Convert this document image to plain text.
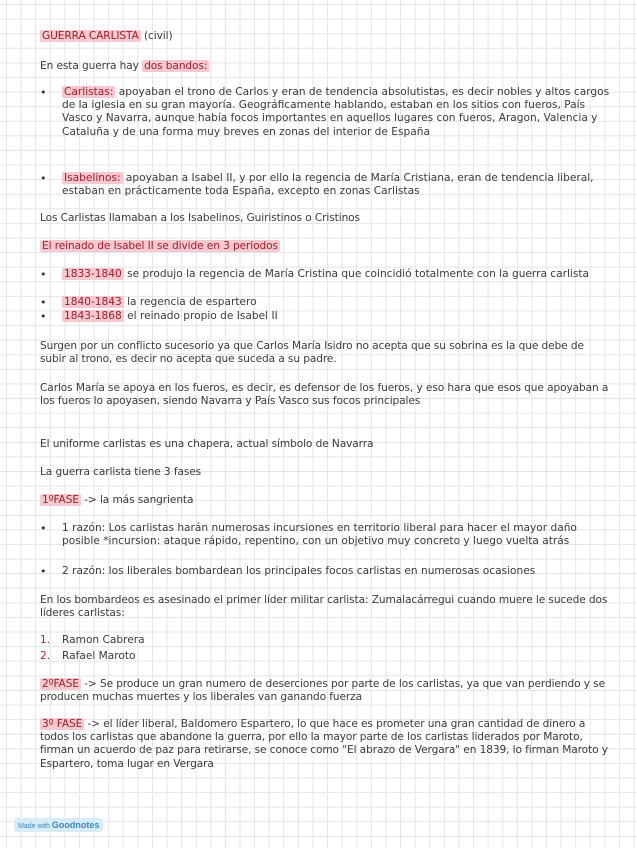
GUERRA CARLISTA (civil)
En esta guerra hay dos bandos:
• Carlistas: apoyaban el trono de Carlos y eran de tendencia absolutistas, es decir nobles y altos cargos de la iglesia en su gran mayoría. Geográficamente hablando, estaban en los sitios con fueros, País Vasco y Navarra, aunque había focos importantes en aquellos lugares con fueros, Aragon, Valencia y Cataluña y de una forma muy breves en zonas del interior de España
• Isabelinos: apoyaban a Isabel II, y por ello la regencia de María Cristiana, eran de tendencia liberal, estaban en prácticamente toda España, excepto en zonas Carlistas
Los Carlistas llamaban a los Isabelinos, Guiristinos o Cristinos
El reinado de Isabel II se divide en 3 periodos
• 1833-1840 se produjo la regencia de María Cristina que coincidió totalmente con la guerra carlista
• 1840-1843 la regencia de espartero
• 1843-1868 el reinado propio de Isabel II
Surgen por un conflicto sucesorio ya que Carlos María Isidro no acepta que su sobrina es la que debe de subir al trono, es decir no acepta que suceda a su padre.
Carlos María se apoya en los fueros, es decir, es defensor de los fueros, y eso hara que esos que apoyaban a los fueros lo apoyasen, siendo Navarra y País Vasco sus focos principales
El uniforme carlistas es una chapera, actual símbolo de Navarra
La guerra carlista tiene 3 fases
1ºFASE -> la más sangrienta
• 1 razón: Los carlistas harán numerosas incursiones en territorio liberal para hacer el mayor daño posible *incursion: ataque rápido, repentino, con un objetivo muy concreto y luego vuelta atrás
• 2 razón: los liberales bombardean los principales focos carlistas en numerosas ocasiones
En los bombardeos es asesinado el primer líder militar carlista: Zumalacárregui cuando muere le sucede dos líderes carlistas:
1. Ramon Cabrera
2. Rafael Maroto
2ºFASE -> Se produce un gran numero de deserciones por parte de los carlistas, ya que van perdiendo y se producen muchas muertes y los liberales van ganando fuerza
3º FASE -> el líder liberal, Baldomero Espartero, lo que hace es prometer una gran cantidad de dinero a todos los carlistas que abandone la guerra, por ello la mayor parte de los carlistas liderados por Maroto, firman un acuerdo de paz para retirarse, se conoce como "El abrazo de Vergara" en 1839, lo firman Maroto y Espartero, toma lugar en Vergara
Made with Goodnotes
